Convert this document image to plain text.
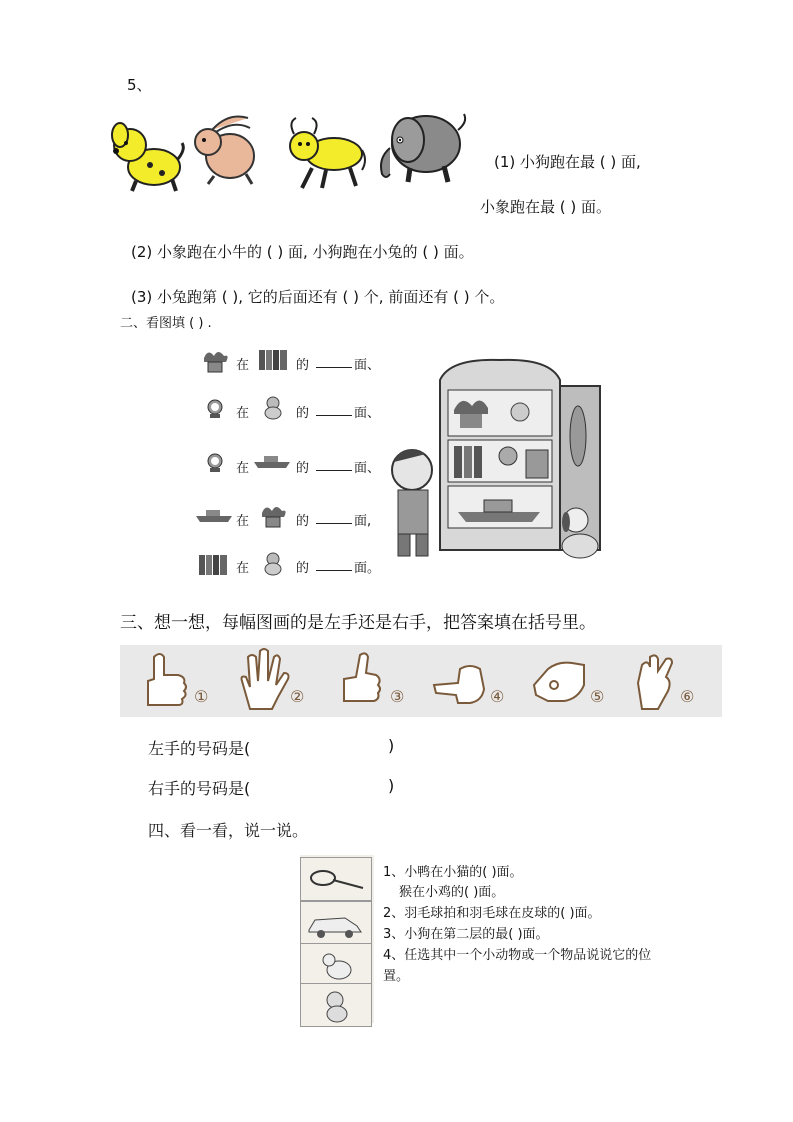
5、
(1) 小狗跑在最 ( ) 面,
小象跑在最 ( ) 面。
(2) 小象跑在小牛的 ( ) 面, 小狗跑在小兔的 ( ) 面。
(3) 小兔跑第 ( ), 它的后面还有 ( ) 个, 前面还有 ( ) 个。
二、看图填 ( ) .
在	的	面、
在	的	面、
在	的	面、
在	的	面,
在	的	面。
三、想一想，每幅图画的是左手还是右手，把答案填在括号里。
①	②	③	④	⑤	⑥
左手的号码是(	)
右手的号码是(	)
四、看一看，说一说。
1、小鸭在小猫的( )面。
猴在小鸡的( )面。
2、羽毛球拍和羽毛球在皮球的( )面。
3、小狗在第二层的最( )面。
4、任选其中一个小动物或一个物品说说它的位
置。
